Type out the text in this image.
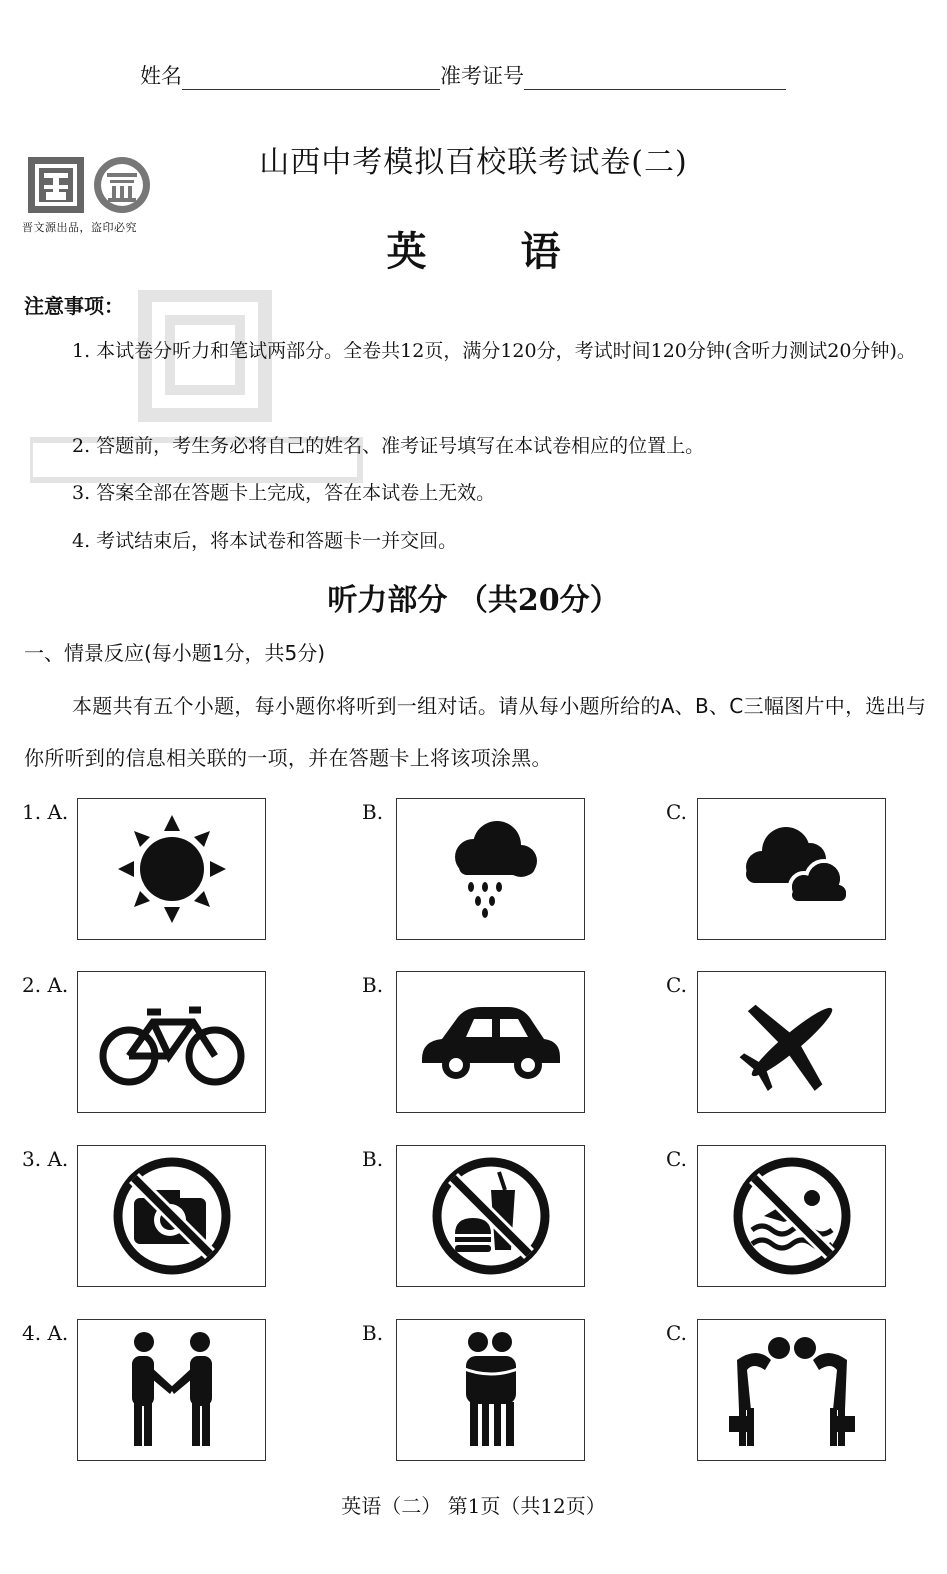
姓名	准考证号
晋文源出品，盗印必究
山西中考模拟百校联考试卷(二)
英 语
注意事项：
1. 本试卷分听力和笔试两部分。全卷共12页，满分120分，考试时间120分钟(含听力测试20分钟)。
2. 答题前，考生务必将自己的姓名、准考证号填写在本试卷相应的位置上。
3. 答案全部在答题卡上完成，答在本试卷上无效。
4. 考试结束后，将本试卷和答题卡一并交回。
听力部分 （共20分）
一、情景反应(每小题1分，共5分)
本题共有五个小题，每小题你将听到一组对话。请从每小题所给的A、B、C三幅图片中，选出与你所听到的信息相关联的一项，并在答题卡上将该项涂黑。
1. A.	B.	C.
2. A.	B.	C.
3. A.	B.	C.
4. A.	B.	C.
英语（二） 第1页（共12页）
